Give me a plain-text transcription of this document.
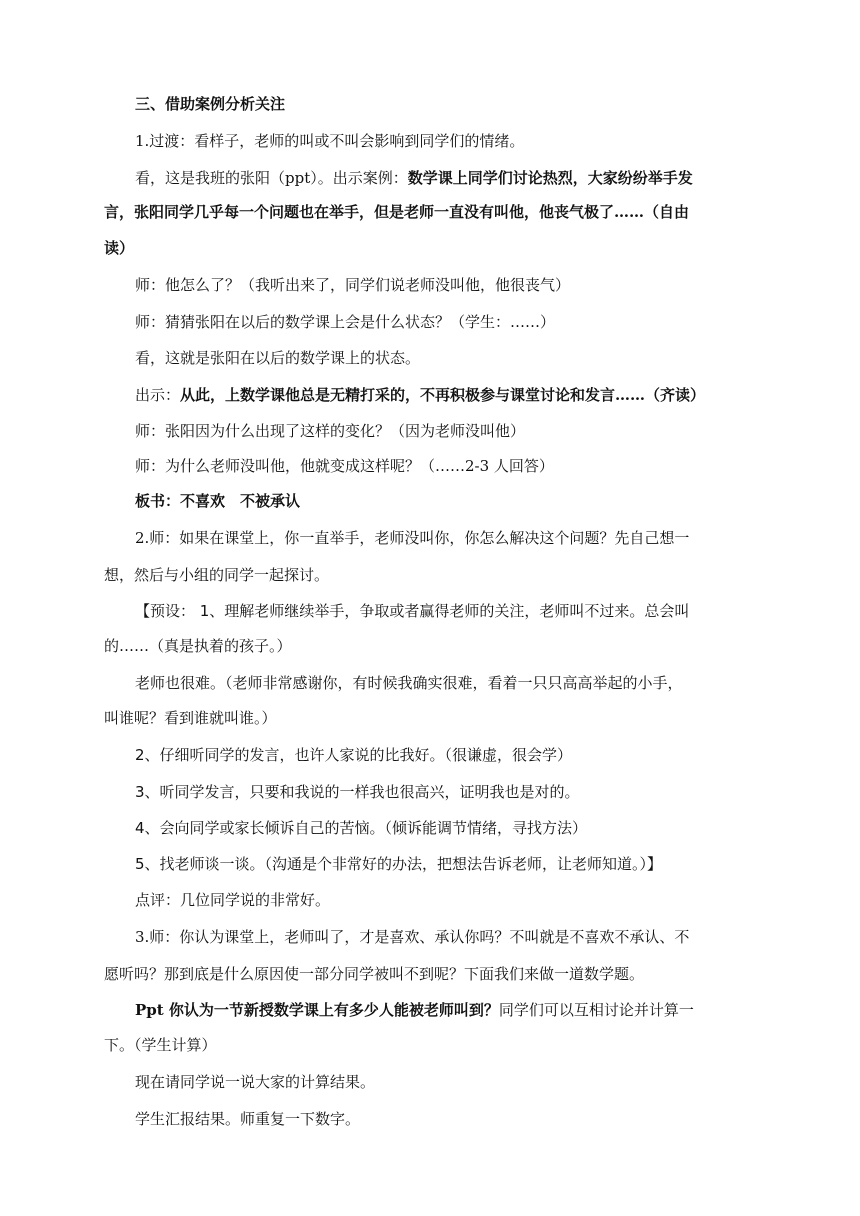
三、借助案例分析关注
1.过渡：看样子，老师的叫或不叫会影响到同学们的情绪。
看，这是我班的张阳（ppt）。出示案例：数学课上同学们讨论热烈，大家纷纷举手发
言，张阳同学几乎每一个问题也在举手，但是老师一直没有叫他，他丧气极了……（自由
读）
师：他怎么了？（我听出来了，同学们说老师没叫他，他很丧气）
师：猜猜张阳在以后的数学课上会是什么状态？（学生：……）
看，这就是张阳在以后的数学课上的状态。
出示：从此，上数学课他总是无精打采的，不再积极参与课堂讨论和发言……（齐读）
师：张阳因为什么出现了这样的变化？（因为老师没叫他）
师：为什么老师没叫他，他就变成这样呢？（……2-3 人回答）
板书：不喜欢　不被承认
2.师：如果在课堂上，你一直举手，老师没叫你，你怎么解决这个问题？先自己想一
想，然后与小组的同学一起探讨。
【预设： 1、理解老师继续举手，争取或者赢得老师的关注，老师叫不过来。总会叫
的……（真是执着的孩子。）
老师也很难。（老师非常感谢你，有时候我确实很难，看着一只只高高举起的小手，
叫谁呢？看到谁就叫谁。）
2、仔细听同学的发言，也许人家说的比我好。（很谦虚，很会学）
3、听同学发言，只要和我说的一样我也很高兴，证明我也是对的。
4、会向同学或家长倾诉自己的苦恼。（倾诉能调节情绪，寻找方法）
5、找老师谈一谈。（沟通是个非常好的办法，把想法告诉老师，让老师知道。）】
点评：几位同学说的非常好。
3.师：你认为课堂上，老师叫了，才是喜欢、承认你吗？不叫就是不喜欢不承认、不
愿听吗？那到底是什么原因使一部分同学被叫不到呢？下面我们来做一道数学题。
Ppt 你认为一节新授数学课上有多少人能被老师叫到？同学们可以互相讨论并计算一
下。（学生计算）
现在请同学说一说大家的计算结果。
学生汇报结果。师重复一下数字。
